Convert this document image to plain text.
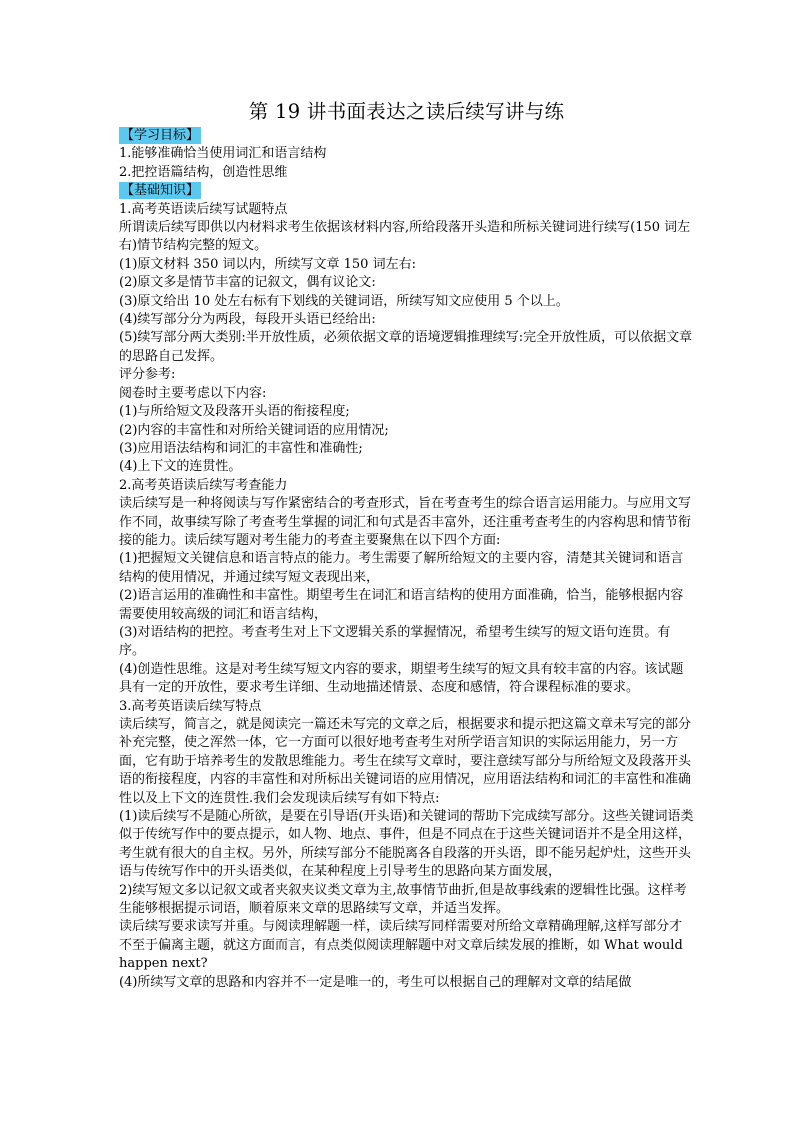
第 19 讲书面表达之读后续写讲与练
【学习目标】
1.能够准确恰当使用词汇和语言结构
2.把控语篇结构，创造性思维
【基础知识】
1.高考英语读后续写试题特点
所谓读后续写即供以内材料求考生依据该材料内容,所给段落开头造和所标关键词进行续写(150 词左右)情节结构完整的短文。
(1)原文材料 350 词以内，所续写文章 150 词左右:
(2)原文多是情节丰富的记叙文，偶有议论文:
(3)原文给出 10 处左右标有下划线的关键词语，所续写知文应使用 5 个以上。
(4)续写部分分为两段，每段开头语已经给出:
(5)续写部分两大类别:半开放性质，必须依据文章的语境逻辑推理续写:完全开放性质，可以依据文章的思路自己发挥。
评分参考:
阅卷时主要考虑以下内容:
(1)与所给短文及段落开头语的衔接程度;
(2)内容的丰富性和对所给关键词语的应用情况;
(3)应用语法结构和词汇的丰富性和准确性;
(4)上下文的连贯性。
2.高考英语读后续写考查能力
读后续写是一种将阅读与写作紧密结合的考查形式，旨在考查考生的综合语言运用能力。与应用文写作不同，故事续写除了考查考生掌握的词汇和句式是否丰富外，还注重考查考生的内容构思和情节衔接的能力。读后续写题对考生能力的考查主要聚焦在以下四个方面:
(1)把握短文关键信息和语言特点的能力。考生需要了解所给短文的主要内容，清楚其关键词和语言结构的使用情况，并通过续写短文表现出来，
(2)语言运用的准确性和丰富性。期望考生在词汇和语言结构的使用方面准确，恰当，能够根据内容需要使用较高级的词汇和语言结构，
(3)对语结构的把控。考查考生对上下文逻辑关系的掌握情况，希望考生续写的短文语句连贯。有序。
(4)创造性思维。这是对考生续写短文内容的要求，期望考生续写的短文具有较丰富的内容。该试题具有一定的开放性，要求考生详细、生动地描述情景、态度和感情，符合课程标准的要求。
3.高考英语读后续写特点
读后续写，简言之，就是阅读完一篇还未写完的文章之后，根据要求和提示把这篇文章未写完的部分补充完整，使之浑然一体，它一方面可以很好地考查考生对所学语言知识的实际运用能力，另一方面，它有助于培养考生的发散思维能力。考生在续写文章时，要注意续写部分与所给短文及段落开头语的衔接程度，内容的丰富性和对所标出关键词语的应用情况，应用语法结构和词汇的丰富性和准确性以及上下文的连贯性.我们会发现读后续写有如下特点:
(1)读后续写不是随心所欲，是要在引导语(开头语)和关键词的帮助下完成续写部分。这些关键词语类似于传统写作中的要点提示，如人物、地点、事件，但是不同点在于这些关键词语并不是全用这样，考生就有很大的自主权。另外，所续写部分不能脱离各自段落的开头语，即不能另起炉灶，这些开头语与传统写作中的开头语类似，在某种程度上引导考生的思路向某方面发展，
2)续写短文多以记叙文或者夹叙夹议类文章为主,故事情节曲折,但是故事线索的逻辑性比强。这样考生能够根据提示词语，顺着原来文章的思路续写文章，并适当发挥。
读后续写要求读写并重。与阅读理解题一样，读后续写同样需要对所给文章精确理解,这样写部分才不至于偏离主题，就这方面而言，有点类似阅读理解题中对文章后续发展的推断，如 What would happen next?
(4)所续写文章的思路和内容并不一定是唯一的，考生可以根据自己的理解对文章的结尾做
